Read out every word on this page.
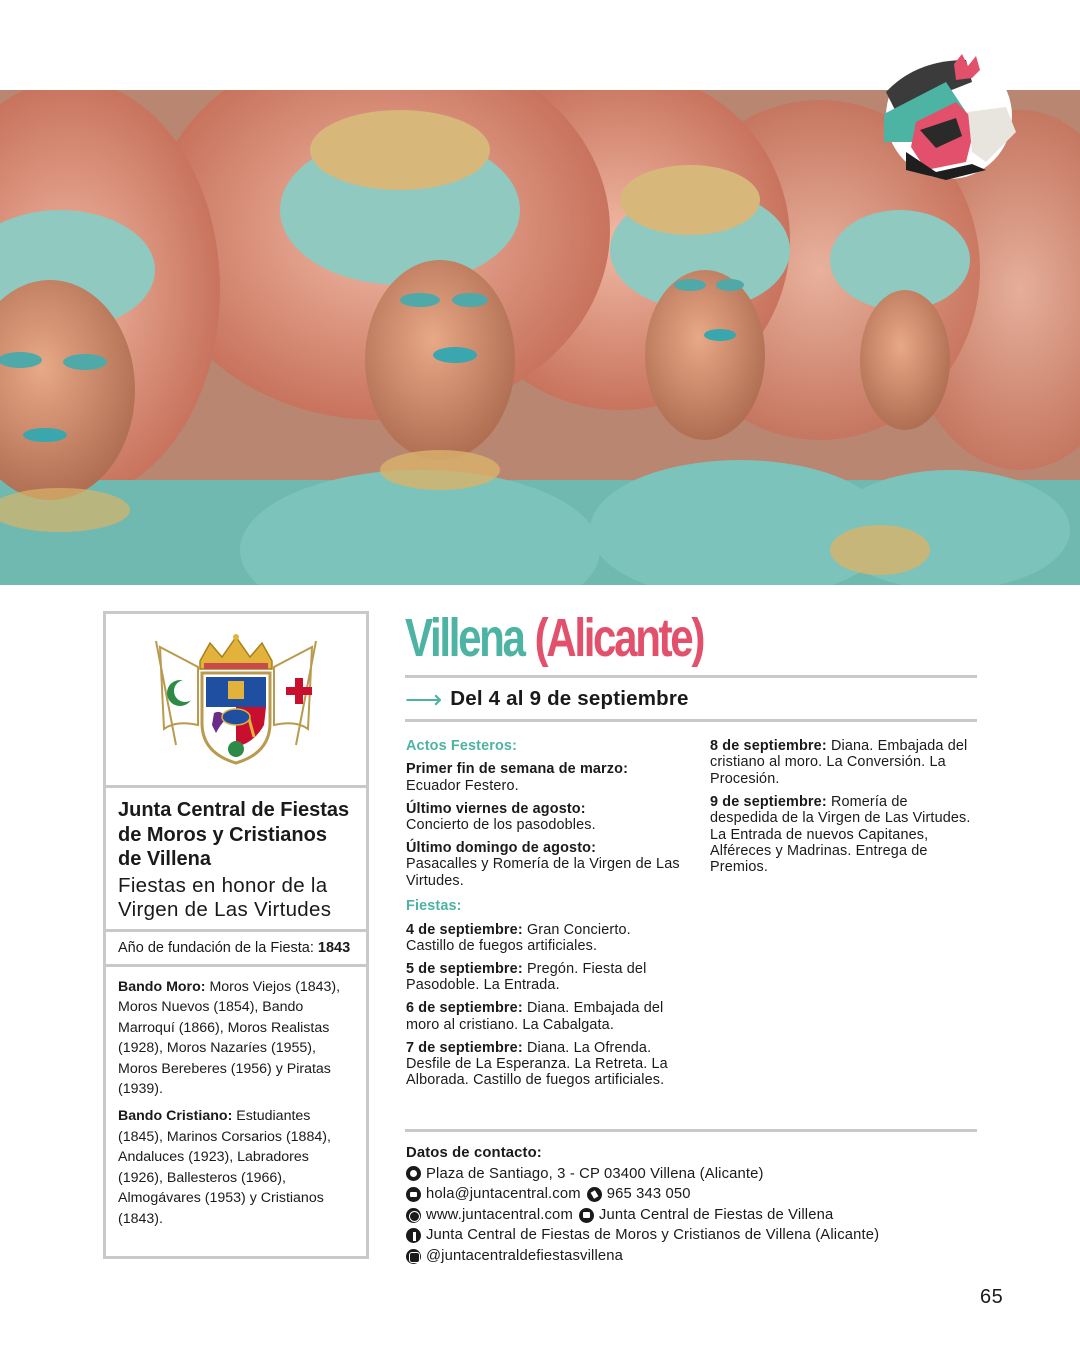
Junta Central de Fiestas de Moros y Cristianos de Villena

Fiestas en honor de la Virgen de Las Virtudes

Año de fundación de la Fiesta: 1843

Bando Moro: Moros Viejos (1843), Moros Nuevos (1854), Bando Marroquí (1866), Moros Realistas (1928), Moros Nazaríes (1955), Moros Bereberes (1956) y Piratas (1939).

Bando Cristiano: Estudiantes (1845), Marinos Corsarios (1884), Andaluces (1923), Labradores (1926), Ballesteros (1966), Almogávares (1953) y Cristianos (1843).

Villena (Alicante)
⟶ Del 4 al 9 de septiembre
Actos Festeros:
Primer fin de semana de marzo:
Ecuador Festero.
Último viernes de agosto:
Concierto de los pasodobles.
Último domingo de agosto:
Pasacalles y Romería de la Virgen de Las Virtudes.
Fiestas:
4 de septiembre: Gran Concierto. Castillo de fuegos artificiales.
5 de septiembre: Pregón. Fiesta del Pasodoble. La Entrada.
6 de septiembre: Diana. Embajada del moro al cristiano. La Cabalgata.
7 de septiembre: Diana. La Ofrenda. Desfile de La Esperanza. La Retreta. La Alborada. Castillo de fuegos artificiales.
8 de septiembre: Diana. Embajada del cristiano al moro. La Conversión. La Procesión.
9 de septiembre: Romería de despedida de la Virgen de Las Virtudes. La Entrada de nuevos Capitanes, Alféreces y Madrinas. Entrega de Premios.
Datos de contacto:
Plaza de Santiago, 3 - CP 03400 Villena (Alicante)
hola@juntacentral.com 965 343 050
www.juntacentral.com Junta Central de Fiestas de Villena
Junta Central de Fiestas de Moros y Cristianos de Villena (Alicante)
@juntacentraldefiestasvillena
65
